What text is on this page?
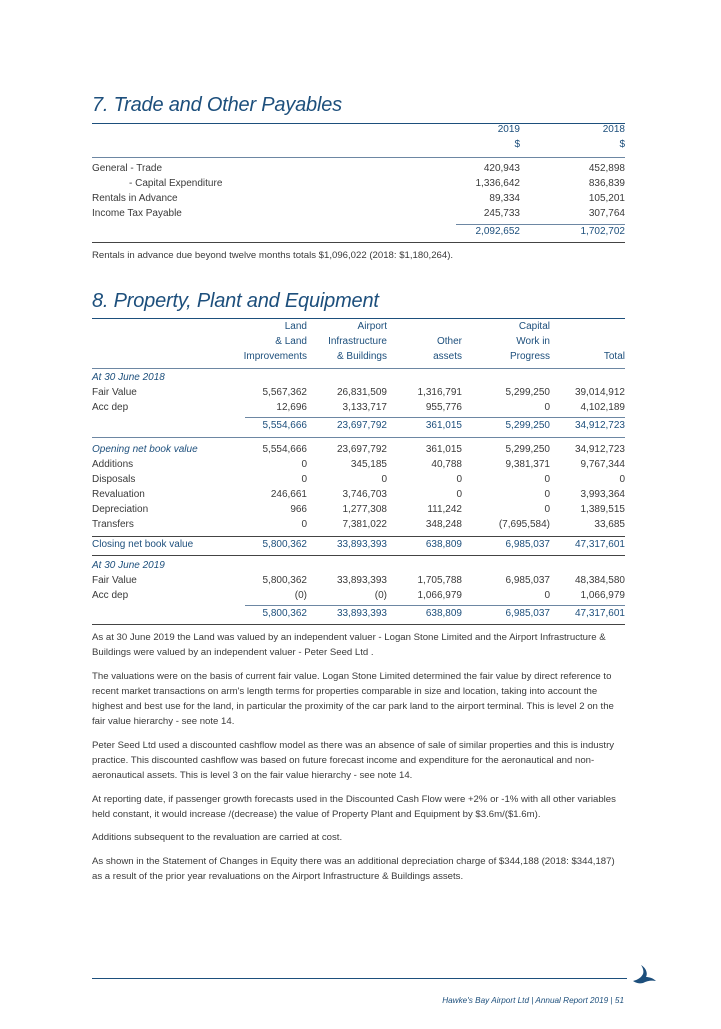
7. Trade and Other Payables
	2019	2018
	$	$
General - Trade	420,943	452,898
- Capital Expenditure	1,336,642	836,839
Rentals in Advance	89,334	105,201
Income Tax Payable	245,733	307,764
	2,092,652	1,702,702
Rentals in advance due beyond twelve months totals $1,096,022 (2018: $1,180,264).
8. Property, Plant and Equipment
	Land	Airport		Capital	
	& Land	Infrastructure	Other	Work in	
	Improvements	& Buildings	assets	Progress	Total
At 30 June 2018					
Fair Value	5,567,362	26,831,509	1,316,791	5,299,250	39,014,912
Acc dep	12,696	3,133,717	955,776	0	4,102,189
	5,554,666	23,697,792	361,015	5,299,250	34,912,723
Opening net book value	5,554,666	23,697,792	361,015	5,299,250	34,912,723
Additions	0	345,185	40,788	9,381,371	9,767,344
Disposals	0	0	0	0	0
Revaluation	246,661	3,746,703	0	0	3,993,364
Depreciation	966	1,277,308	111,242	0	1,389,515
Transfers	0	7,381,022	348,248	(7,695,584)	33,685
Closing net book value	5,800,362	33,893,393	638,809	6,985,037	47,317,601
At 30 June 2019					
Fair Value	5,800,362	33,893,393	1,705,788	6,985,037	48,384,580
Acc dep	(0)	(0)	1,066,979	0	1,066,979
	5,800,362	33,893,393	638,809	6,985,037	47,317,601

As at 30 June 2019 the Land was valued by an independent valuer - Logan Stone Limited and the Airport Infrastructure & Buildings were valued by an independent valuer - Peter Seed Ltd .

The valuations were on the basis of current fair value. Logan Stone Limited determined the fair value by direct reference to recent market transactions on arm's length terms for properties comparable in size and location, taking into account the highest and best use for the land, in particular the proximity of the car park land to the airport terminal. This is level 2 on the fair value hierarchy - see note 14.

Peter Seed Ltd used a discounted cashflow model as there was an absence of sale of similar properties and this is industry practice. This discounted cashflow was based on future forecast income and expenditure for the aeronautical and non-aeronautical assets. This is level 3 on the fair value hierarchy - see note 14.

At reporting date, if passenger growth forecasts used in the Discounted Cash Flow were +2% or -1% with all other variables held constant, it would increase /(decrease) the value of Property Plant and Equipment by $3.6m/($1.6m).

Additions subsequent to the revaluation are carried at cost.

As shown in the Statement of Changes in Equity there was an additional depreciation charge of $344,188 (2018: $344,187) as a result of the prior year revaluations on the Airport Infrastructure & Buildings assets.

Hawke's Bay Airport Ltd | Annual Report 2019 | 51
